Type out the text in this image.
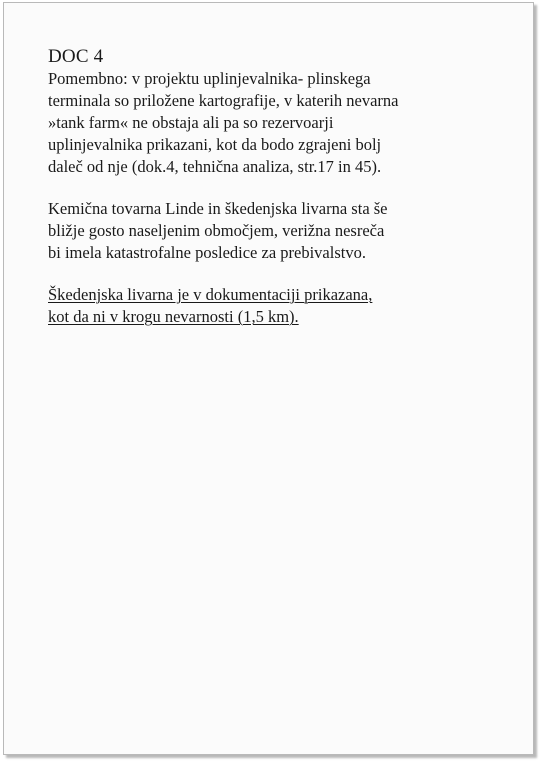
DOC 4

Pomembno: v projektu uplinjevalnika- plinskega
terminala so priložene kartografije, v katerih nevarna
»tank farm« ne obstaja ali pa so rezervoarji
uplinjevalnika prikazani, kot da bodo zgrajeni bolj
daleč od nje (dok.4, tehnična analiza, str.17 in 45).

Kemična tovarna Linde in škedenjska livarna sta še
bližje gosto naseljenim območjem, verižna nesreča
bi imela katastrofalne posledice za prebivalstvo.

Škedenjska livarna je v dokumentaciji prikazana,
kot da ni v krogu nevarnosti (1,5 km).
